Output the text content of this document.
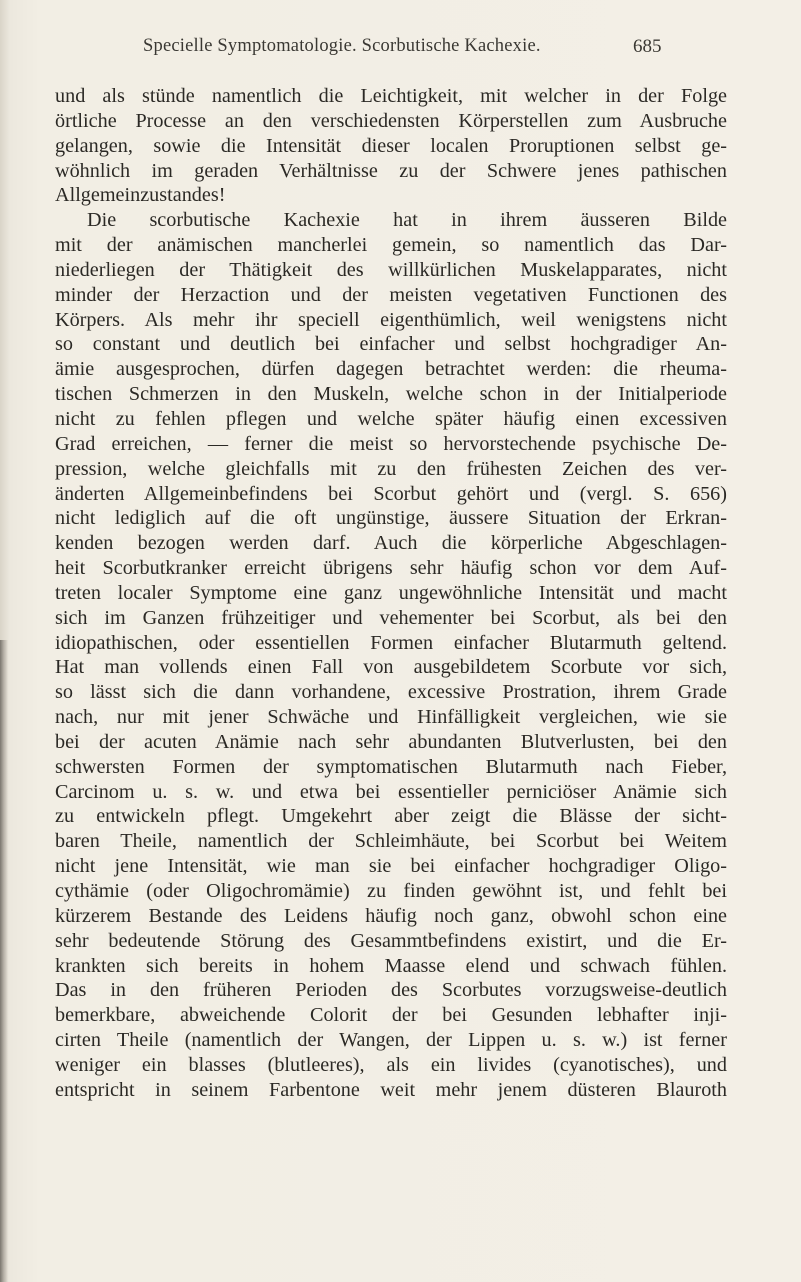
Specielle Symptomatologie. Scorbutische Kachexie.	685
und als stünde namentlich die Leichtigkeit, mit welcher in der Folge
örtliche Processe an den verschiedensten Körperstellen zum Ausbruche
gelangen, sowie die Intensität dieser localen Proruptionen selbst ge-
wöhnlich im geraden Verhältnisse zu der Schwere jenes pathischen
Allgemeinzustandes!
Die scorbutische Kachexie hat in ihrem äusseren Bilde
mit der anämischen mancherlei gemein, so namentlich das Dar-
niederliegen der Thätigkeit des willkürlichen Muskelapparates, nicht
minder der Herzaction und der meisten vegetativen Functionen des
Körpers. Als mehr ihr speciell eigenthümlich, weil wenigstens nicht
so constant und deutlich bei einfacher und selbst hochgradiger An-
ämie ausgesprochen, dürfen dagegen betrachtet werden: die rheuma-
tischen Schmerzen in den Muskeln, welche schon in der Initialperiode
nicht zu fehlen pflegen und welche später häufig einen excessiven
Grad erreichen, — ferner die meist so hervorstechende psychische De-
pression, welche gleichfalls mit zu den frühesten Zeichen des ver-
änderten Allgemeinbefindens bei Scorbut gehört und (vergl. S. 656)
nicht lediglich auf die oft ungünstige, äussere Situation der Erkran-
kenden bezogen werden darf. Auch die körperliche Abgeschlagen-
heit Scorbutkranker erreicht übrigens sehr häufig schon vor dem Auf-
treten localer Symptome eine ganz ungewöhnliche Intensität und macht
sich im Ganzen frühzeitiger und vehementer bei Scorbut, als bei den
idiopathischen, oder essentiellen Formen einfacher Blutarmuth geltend.
Hat man vollends einen Fall von ausgebildetem Scorbute vor sich,
so lässt sich die dann vorhandene, excessive Prostration, ihrem Grade
nach, nur mit jener Schwäche und Hinfälligkeit vergleichen, wie sie
bei der acuten Anämie nach sehr abundanten Blutverlusten, bei den
schwersten Formen der symptomatischen Blutarmuth nach Fieber,
Carcinom u. s. w. und etwa bei essentieller perniciöser Anämie sich
zu entwickeln pflegt. Umgekehrt aber zeigt die Blässe der sicht-
baren Theile, namentlich der Schleimhäute, bei Scorbut bei Weitem
nicht jene Intensität, wie man sie bei einfacher hochgradiger Oligo-
cythämie (oder Oligochromämie) zu finden gewöhnt ist, und fehlt bei
kürzerem Bestande des Leidens häufig noch ganz, obwohl schon eine
sehr bedeutende Störung des Gesammtbefindens existirt, und die Er-
krankten sich bereits in hohem Maasse elend und schwach fühlen.
Das in den früheren Perioden des Scorbutes vorzugsweise-deutlich
bemerkbare, abweichende Colorit der bei Gesunden lebhafter inji-
cirten Theile (namentlich der Wangen, der Lippen u. s. w.) ist ferner
weniger ein blasses (blutleeres), als ein livides (cyanotisches), und
entspricht in seinem Farbentone weit mehr jenem düsteren Blauroth
